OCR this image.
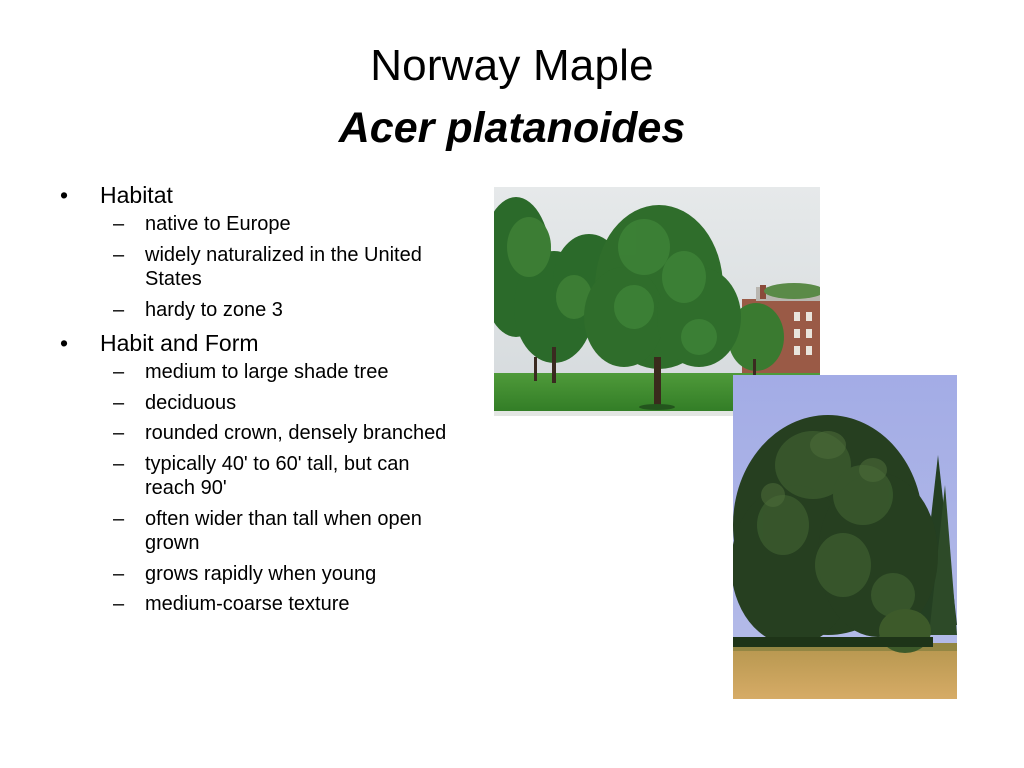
Norway Maple
Acer platanoides
• Habitat
– native to Europe
– widely naturalized in the United States
– hardy to zone 3
• Habit and Form
– medium to large shade tree
– deciduous
– rounded crown, densely branched
– typically 40' to 60' tall, but can reach 90'
– often wider than tall when open grown
– grows rapidly when young
– medium-coarse texture
